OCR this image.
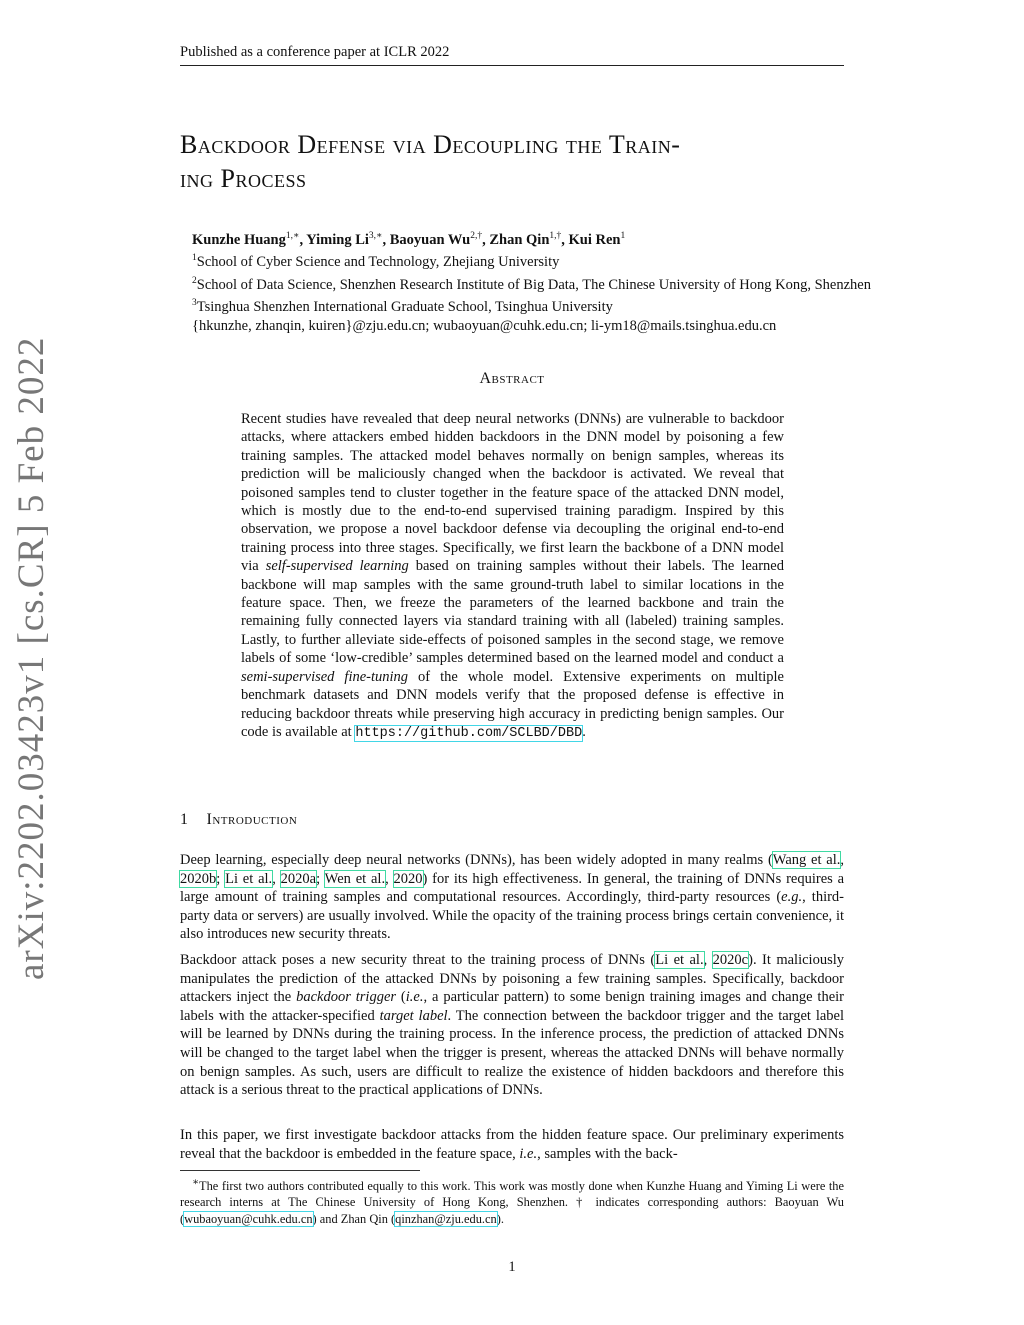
Published as a conference paper at ICLR 2022
arXiv:2202.03423v1 [cs.CR] 5 Feb 2022
Backdoor Defense via Decoupling the Train-
ing Process
Kunzhe Huang$^{1,∗}$, Yiming $Li^{3,∗}$, Baoyuan $Wu^{2,\dagger}$, Zhan Qin$^{1,\dagger}$, Kui Ren$^1$
$^1$School of Cyber Science and Technology, Zhejiang University
$^2$School of Data Science, Shenzhen Research Institute of Big Data, The Chinese University of Hong Kong, Shenzhen
$^3$Tsinghua Shenzhen International Graduate School, Tsinghua University
{hkunzhe, zhanqin, kuiren}@zju.edu.cn; wubaoyuan@cuhk.edu.cn; li-ym18@mails.tsinghua.edu.cn
Abstract
Recent studies have revealed that deep neural networks (DNNs) are vulnerable to backdoor attacks, where attackers embed hidden backdoors in the DNN model by poisoning a few training samples. The attacked model behaves normally on benign samples, whereas its prediction will be maliciously changed when the backdoor is activated. We reveal that poisoned samples tend to cluster together in the feature space of the attacked DNN model, which is mostly due to the end-to-end supervised training paradigm. Inspired by this observation, we propose a novel backdoor defense via decoupling the original end-to-end training process into three stages. Specifically, we first learn the backbone of a DNN model via self-supervised learning based on training samples without their labels. The learned backbone will map samples with the same ground-truth label to similar locations in the feature space. Then, we freeze the parameters of the learned backbone and train the remaining fully connected layers via standard training with all (labeled) training samples. Lastly, to further alleviate side-effects of poisoned samples in the second stage, we remove labels of some ‘low-credible’ samples determined based on the learned model and conduct a semi-supervised fine-tuning of the whole model. Extensive experiments on multiple benchmark datasets and DNN models verify that the proposed defense is effective in reducing backdoor threats while preserving high accuracy in predicting benign samples. Our code is available at https://github.com/SCLBD/DBD.
1 Introduction
Deep learning, especially deep neural networks (DNNs), has been widely adopted in many realms (Wang et al., 2020b; Li et al., 2020a; Wen et al., 2020) for its high effectiveness. In general, the training of DNNs requires a large amount of training samples and computational resources. Accordingly, third-party resources (e.g., third-party data or servers) are usually involved. While the opacity of the training process brings certain convenience, it also introduces new security threats.
Backdoor attack poses a new security threat to the training process of DNNs (Li et al., 2020c). It maliciously manipulates the prediction of the attacked DNNs by poisoning a few training samples. Specifically, backdoor attackers inject the backdoor trigger (i.e., a particular pattern) to some benign training images and change their labels with the attacker-specified target label. The connection between the backdoor trigger and the target label will be learned by DNNs during the training process. In the inference process, the prediction of attacked DNNs will be changed to the target label when the trigger is present, whereas the attacked DNNs will behave normally on benign samples. As such, users are difficult to realize the existence of hidden backdoors and therefore this attack is a serious threat to the practical applications of DNNs.
In this paper, we first investigate backdoor attacks from the hidden feature space. Our preliminary experiments reveal that the backdoor is embedded in the feature space, i.e., samples with the back-
∗The first two authors contributed equally to this work. This work was mostly done when Kunzhe Huang and Yiming Li were the research interns at The Chinese University of Hong Kong, Shenzhen. † indicates corresponding authors: Baoyuan Wu (wubaoyuan@cuhk.edu.cn) and Zhan Qin (qinzhan@zju.edu.cn).
1
